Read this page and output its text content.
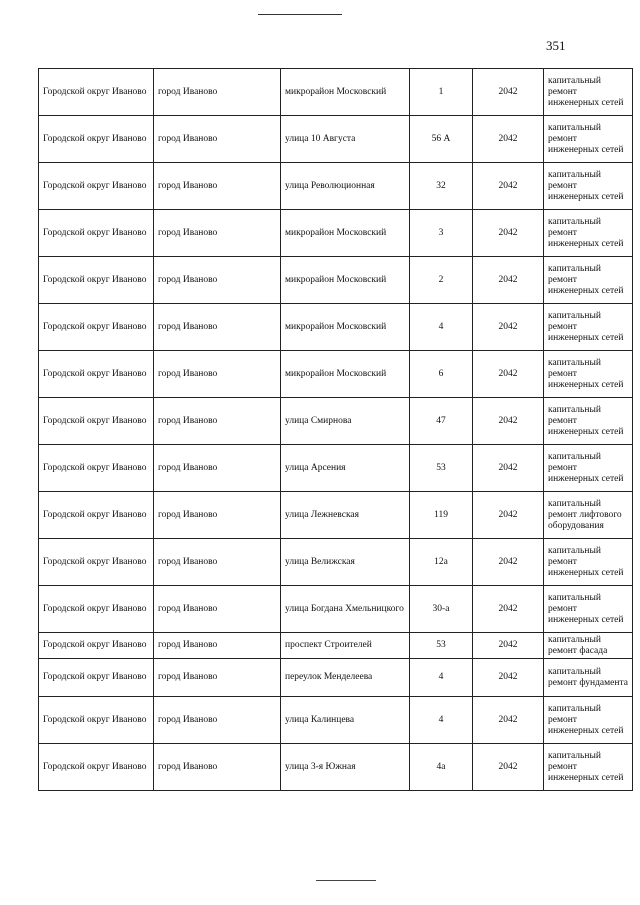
351
Городской округ Иваново	город Иваново	микрорайон Московский	1	2042	капитальный ремонт инженерных сетей
Городской округ Иваново	город Иваново	улица 10 Августа	56 А	2042	капитальный ремонт инженерных сетей
Городской округ Иваново	город Иваново	улица Революционная	32	2042	капитальный ремонт инженерных сетей
Городской округ Иваново	город Иваново	микрорайон Московский	3	2042	капитальный ремонт инженерных сетей
Городской округ Иваново	город Иваново	микрорайон Московский	2	2042	капитальный ремонт инженерных сетей
Городской округ Иваново	город Иваново	микрорайон Московский	4	2042	капитальный ремонт инженерных сетей
Городской округ Иваново	город Иваново	микрорайон Московский	6	2042	капитальный ремонт инженерных сетей
Городской округ Иваново	город Иваново	улица Смирнова	47	2042	капитальный ремонт инженерных сетей
Городской округ Иваново	город Иваново	улица Арсения	53	2042	капитальный ремонт инженерных сетей
Городской округ Иваново	город Иваново	улица Лежневская	119	2042	капитальный ремонт лифтового оборудования
Городской округ Иваново	город Иваново	улица Велижская	12а	2042	капитальный ремонт инженерных сетей
Городской округ Иваново	город Иваново	улица Богдана Хмельницкого	30-а	2042	капитальный ремонт инженерных сетей
Городской округ Иваново	город Иваново	проспект Строителей	53	2042	капитальный ремонт фасада
Городской округ Иваново	город Иваново	переулок Менделеева	4	2042	капитальный ремонт фундамента
Городской округ Иваново	город Иваново	улица Калинцева	4	2042	капитальный ремонт инженерных сетей
Городской округ Иваново	город Иваново	улица 3-я Южная	4а	2042	капитальный ремонт инженерных сетей
